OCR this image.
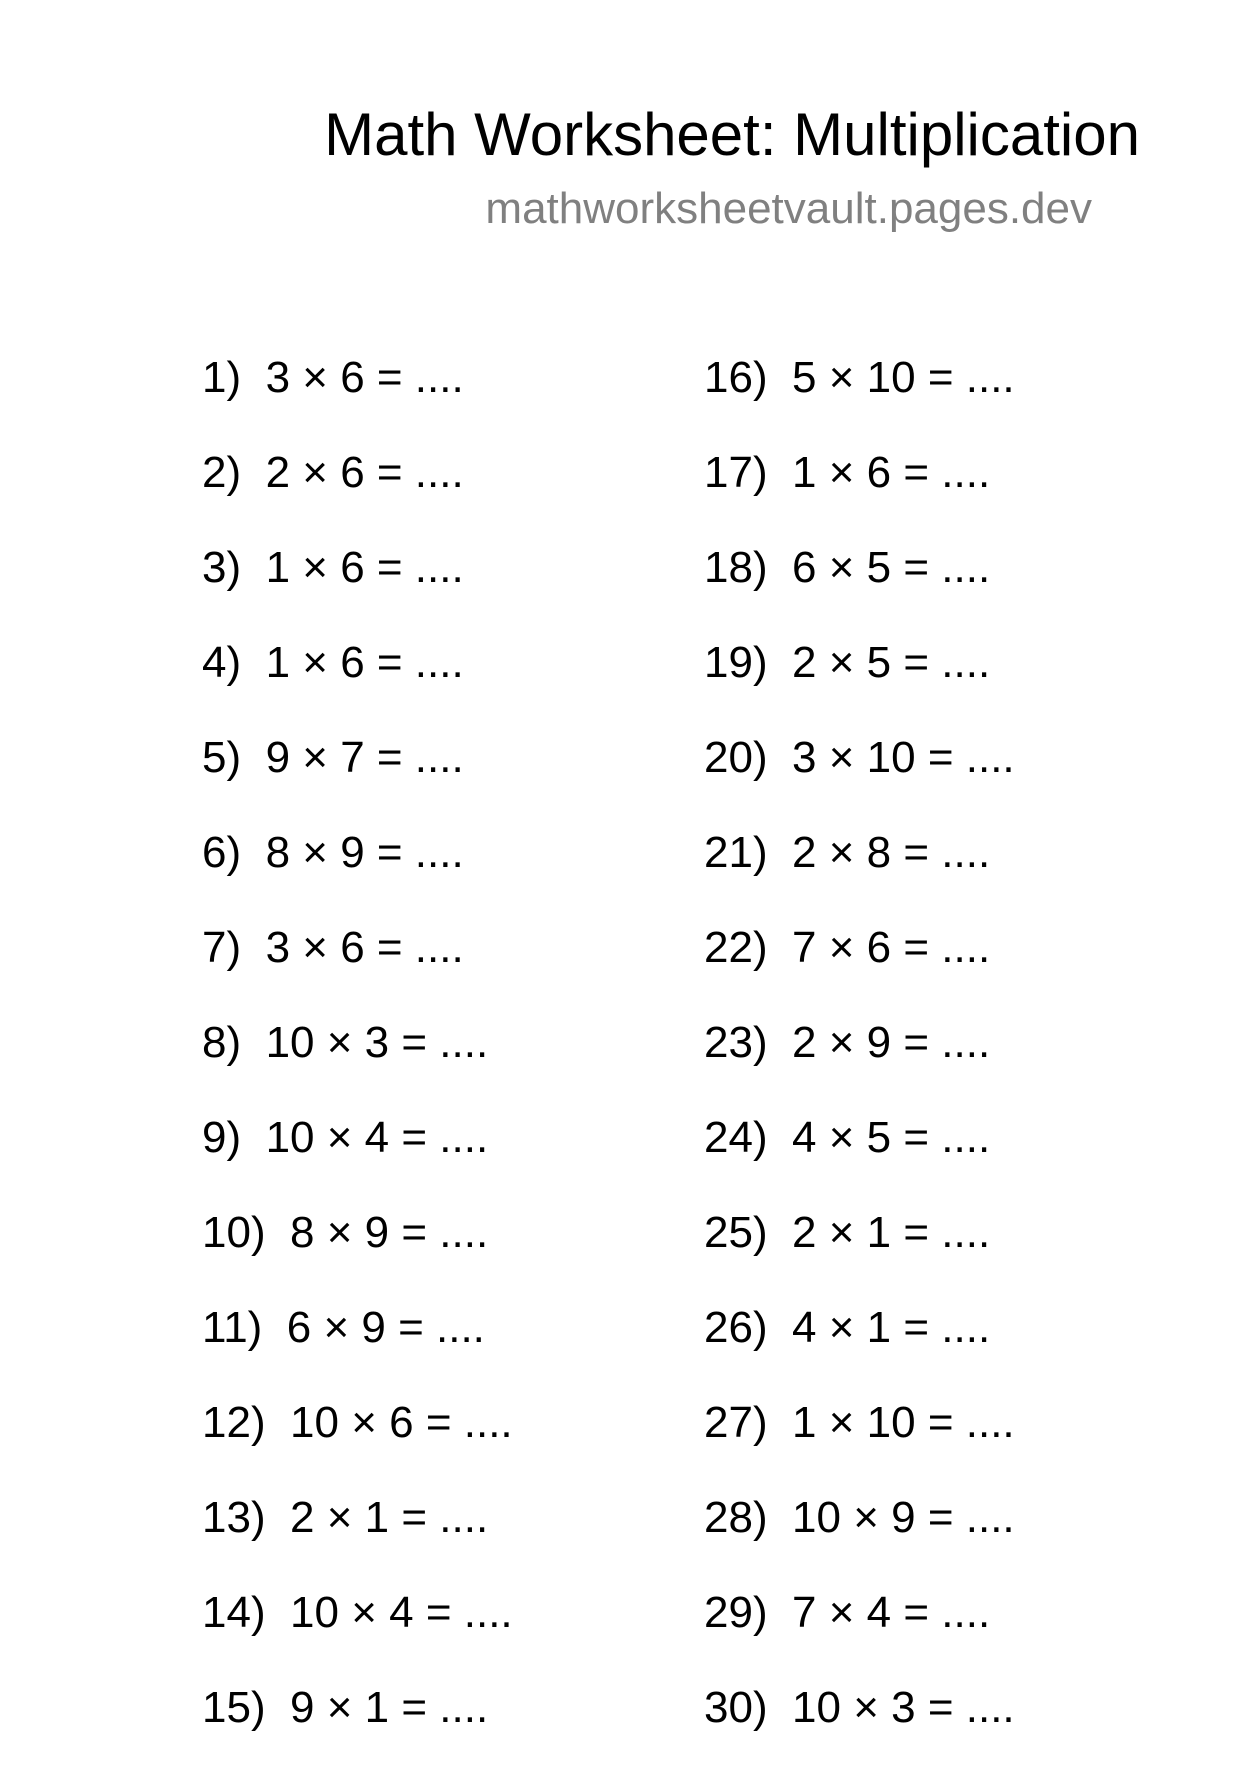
Math Worksheet: Multiplication
mathworksheetvault.pages.dev
1) 3 × 6 = ....
2) 2 × 6 = ....
3) 1 × 6 = ....
4) 1 × 6 = ....
5) 9 × 7 = ....
6) 8 × 9 = ....
7) 3 × 6 = ....
8) 10 × 3 = ....
9) 10 × 4 = ....
10) 8 × 9 = ....
11) 6 × 9 = ....
12) 10 × 6 = ....
13) 2 × 1 = ....
14) 10 × 4 = ....
15) 9 × 1 = ....
16) 5 × 10 = ....
17) 1 × 6 = ....
18) 6 × 5 = ....
19) 2 × 5 = ....
20) 3 × 10 = ....
21) 2 × 8 = ....
22) 7 × 6 = ....
23) 2 × 9 = ....
24) 4 × 5 = ....
25) 2 × 1 = ....
26) 4 × 1 = ....
27) 1 × 10 = ....
28) 10 × 9 = ....
29) 7 × 4 = ....
30) 10 × 3 = ....
